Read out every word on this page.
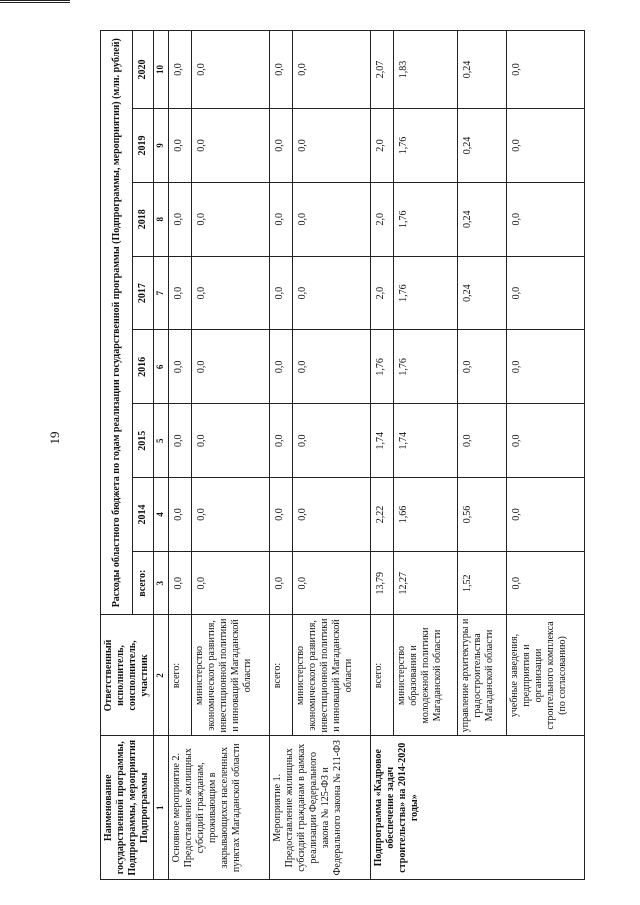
19
Наименование государственной программы, Подпрограммы, мероприятия Подпрограммы	Ответственный исполнитель, соисполнитель, участник	Расходы областного бюджета по годам реализации государственной программы (Подпрограммы, мероприятия) (млн. рублей)							
		всего:	2014	2015	2016	2017	2018	2019	2020
1	2	3	4	5	6	7	8	9	10
Основное мероприятие 2. Предоставление жилищных субсидий гражданам, проживающим в закрывающихся населенных пунктах Магаданской области	всего:	0,0	0,0	0,0	0,0	0,0	0,0	0,0	0,0
	министерство экономического развития, инвестиционной политики и инноваций Магаданской области	0,0	0,0	0,0	0,0	0,0	0,0	0,0	0,0
Мероприятие 1. Предоставление жилищных субсидий гражданам в рамках реализации Федерального закона № 125-ФЗ и Федерального закона № 211-ФЗ	всего:	0,0	0,0	0,0	0,0	0,0	0,0	0,0	0,0
	министерство экономического развития, инвестиционной политики и инноваций Магаданской области	0,0	0,0	0,0	0,0	0,0	0,0	0,0	0,0
Подпрограмма «Кадровое обеспечение задач строительства» на 2014-2020 годы»	всего:	13,79	2,22	1,74	1,76	2,0	2,0	2,0	2,07
	министерство образования и молодежной политики Магаданской области	12,27	1,66	1,74	1,76	1,76	1,76	1,76	1,83
	управление архитектуры и градостроительства Магаданской области	1,52	0,56	0,0	0,0	0,24	0,24	0,24	0,24
	учебные заведения, предприятия и организации строительного комплекса (по согласованию)	0,0	0,0	0,0	0,0	0,0	0,0	0,0	0,0
